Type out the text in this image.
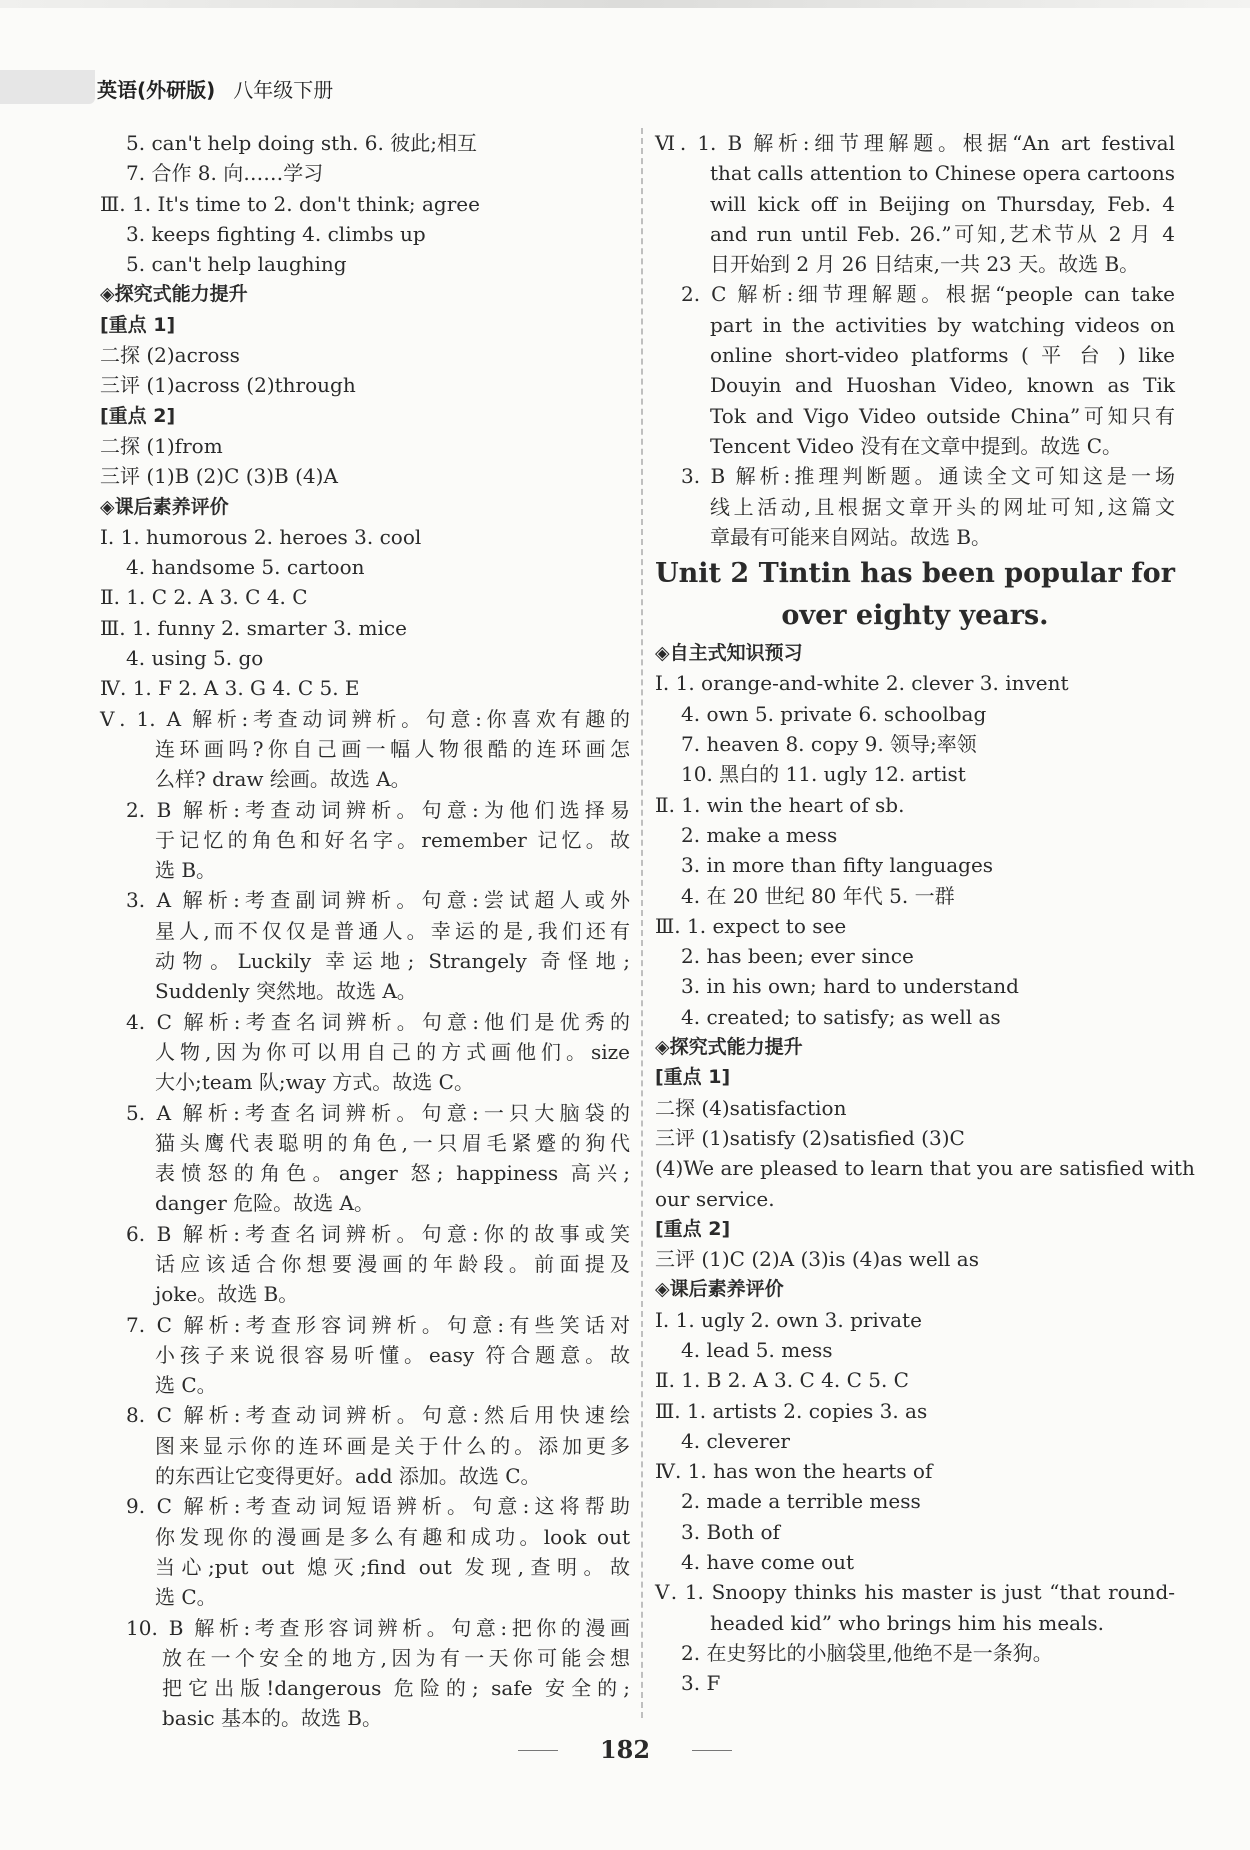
英语(外研版) 八年级下册
5. can't help doing sth. 6. 彼此;相互
7. 合作 8. 向……学习
Ⅲ. 1. It's time to 2. don't think; agree
3. keeps fighting 4. climbs up
5. can't help laughing
◈探究式能力提升
[重点 1]
二探 (2)across
三评 (1)across (2)through
[重点 2]
二探 (1)from
三评 (1)B (2)C (3)B (4)A
◈课后素养评价
Ⅰ. 1. humorous 2. heroes 3. cool
4. handsome 5. cartoon
Ⅱ. 1. C 2. A 3. C 4. C
Ⅲ. 1. funny 2. smarter 3. mice
4. using 5. go
Ⅳ. 1. F 2. A 3. G 4. C 5. E
Ⅴ. 1. A 解析:考查动词辨析。句意:你喜欢有趣的
连环画吗?你自己画一幅人物很酷的连环画怎
么样? draw 绘画。故选 A。
2. B 解析:考查动词辨析。句意:为他们选择易
于记忆的角色和好名字。remember 记忆。故
选 B。
3. A 解析:考查副词辨析。句意:尝试超人或外
星人,而不仅仅是普通人。幸运的是,我们还有
动物。Luckily 幸运地; Strangely 奇怪地;
Suddenly 突然地。故选 A。
4. C 解析:考查名词辨析。句意:他们是优秀的
人物,因为你可以用自己的方式画他们。size
大小;team 队;way 方式。故选 C。
5. A 解析:考查名词辨析。句意:一只大脑袋的
猫头鹰代表聪明的角色,一只眉毛紧蹙的狗代
表愤怒的角色。anger 怒; happiness 高兴;
danger 危险。故选 A。
6. B 解析:考查名词辨析。句意:你的故事或笑
话应该适合你想要漫画的年龄段。前面提及
joke。故选 B。
7. C 解析:考查形容词辨析。句意:有些笑话对
小孩子来说很容易听懂。easy 符合题意。故
选 C。
8. C 解析:考查动词辨析。句意:然后用快速绘
图来显示你的连环画是关于什么的。添加更多
的东西让它变得更好。add 添加。故选 C。
9. C 解析:考查动词短语辨析。句意:这将帮助
你发现你的漫画是多么有趣和成功。look out
当心;put out 熄灭;find out 发现,查明。故
选 C。
10. B 解析:考查形容词辨析。句意:把你的漫画
放在一个安全的地方,因为有一天你可能会想
把它出版!dangerous 危险的; safe 安全的;
basic 基本的。故选 B。
Ⅵ. 1. B 解析:细节理解题。根据“An art festival
that calls attention to Chinese opera cartoons
will kick off in Beijing on Thursday, Feb. 4
and run until Feb. 26.”可知,艺术节从 2 月 4
日开始到 2 月 26 日结束,一共 23 天。故选 B。
2. C 解析:细节理解题。根据“people can take
part in the activities by watching videos on
online short-video platforms ( 平 台 ) like
Douyin and Huoshan Video, known as Tik
Tok and Vigo Video outside China”可知只有
Tencent Video 没有在文章中提到。故选 C。
3. B 解析:推理判断题。通读全文可知这是一场
线上活动,且根据文章开头的网址可知,这篇文
章最有可能来自网站。故选 B。
Unit 2 Tintin has been popular for
over eighty years.
◈自主式知识预习
Ⅰ. 1. orange-and-white 2. clever 3. invent
4. own 5. private 6. schoolbag
7. heaven 8. copy 9. 领导;率领
10. 黑白的 11. ugly 12. artist
Ⅱ. 1. win the heart of sb.
2. make a mess
3. in more than fifty languages
4. 在 20 世纪 80 年代 5. 一群
Ⅲ. 1. expect to see
2. has been; ever since
3. in his own; hard to understand
4. created; to satisfy; as well as
◈探究式能力提升
[重点 1]
二探 (4)satisfaction
三评 (1)satisfy (2)satisfied (3)C
(4)We are pleased to learn that you are satisfied with
our service.
[重点 2]
三评 (1)C (2)A (3)is (4)as well as
◈课后素养评价
Ⅰ. 1. ugly 2. own 3. private
4. lead 5. mess
Ⅱ. 1. B 2. A 3. C 4. C 5. C
Ⅲ. 1. artists 2. copies 3. as
4. cleverer
Ⅳ. 1. has won the hearts of
2. made a terrible mess
3. Both of
4. have come out
Ⅴ. 1. Snoopy thinks his master is just “that round-
headed kid” who brings him his meals.
2. 在史努比的小脑袋里,他绝不是一条狗。
3. F
182
